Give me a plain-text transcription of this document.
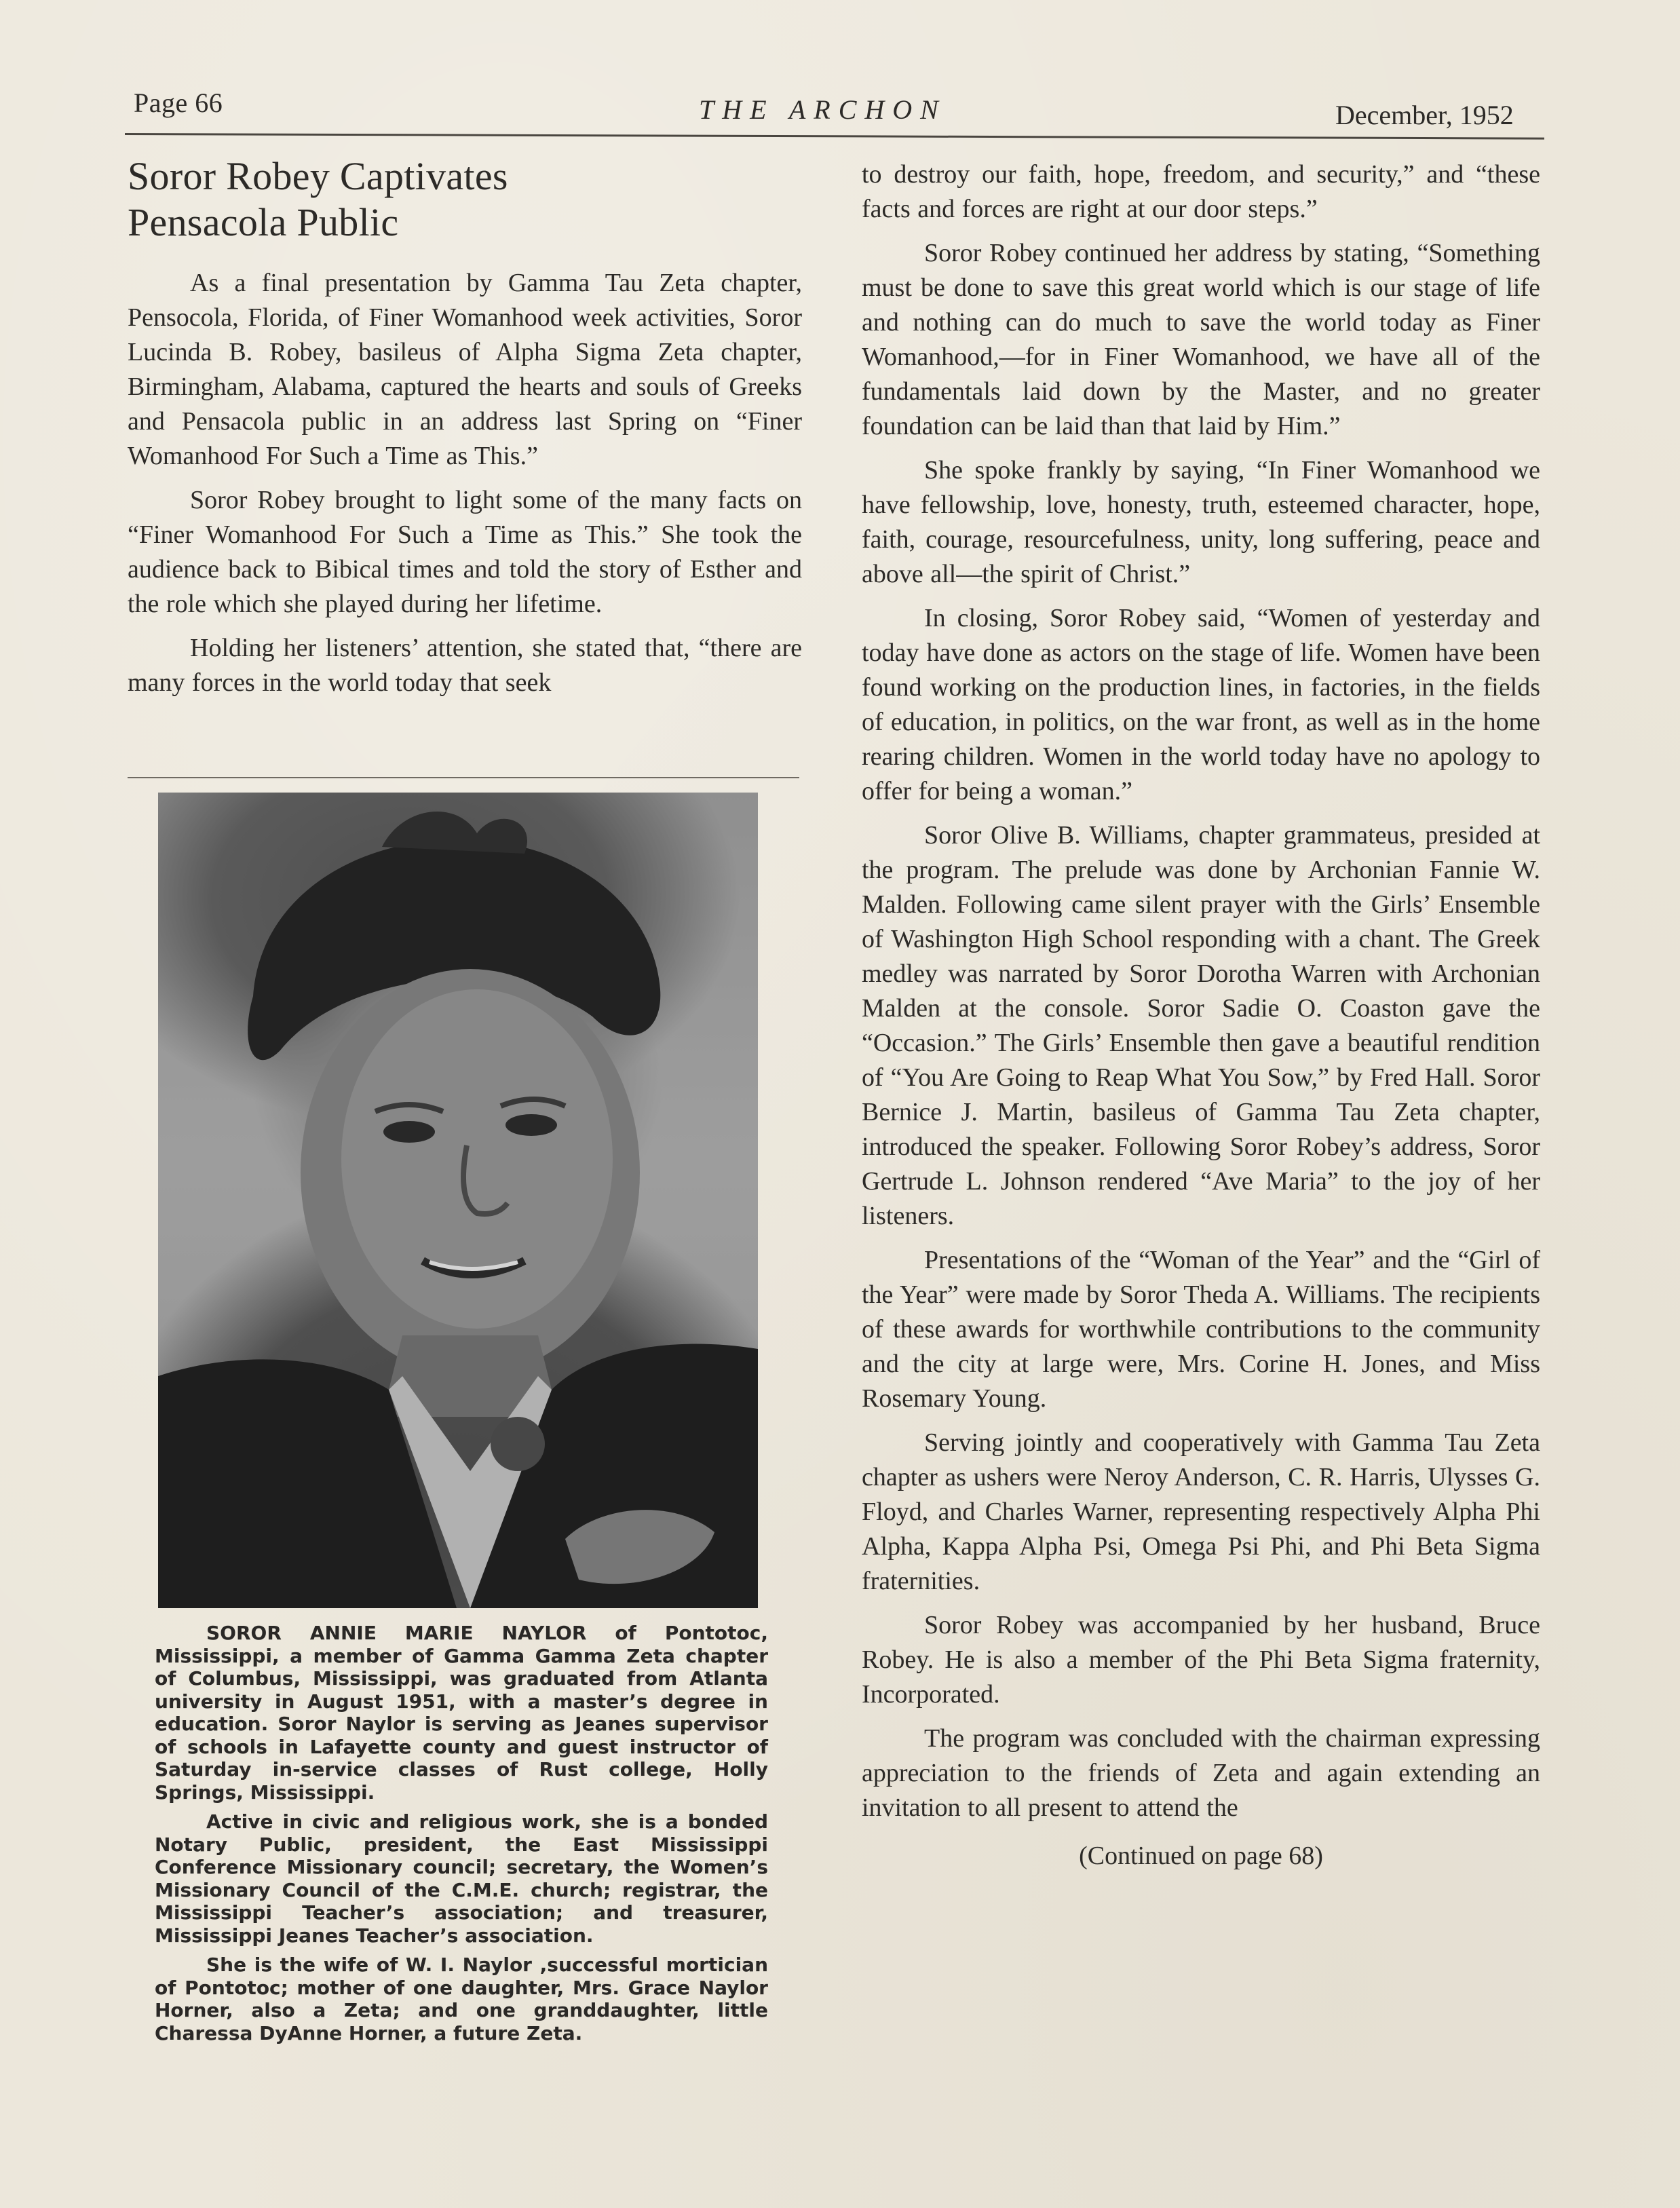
Page 66	THE ARCHON	December, 1952
Soror Robey Captivates
Pensacola Public

As a final presentation by Gamma Tau Zeta chapter, Pensocola, Florida, of Finer Womanhood week activities, Soror Lucinda B. Robey, basileus of Alpha Sigma Zeta chapter, Birmingham, Alabama, captured the hearts and souls of Greeks and Pensacola public in an address last Spring on “Finer Womanhood For Such a Time as This.”

Soror Robey brought to light some of the many facts on “Finer Womanhood For Such a Time as This.” She took the audience back to Bibical times and told the story of Esther and the role which she played during her lifetime.

Holding her listeners’ attention, she stated that, “there are many forces in the world today that seek

SOROR ANNIE MARIE NAYLOR of Pontotoc, Mississippi, a member of Gamma Gamma Zeta chapter of Columbus, Mississippi, was graduated from Atlanta university in August 1951, with a master’s degree in education. Soror Naylor is serving as Jeanes supervisor of schools in Lafayette county and guest instructor of Saturday in-service classes of Rust college, Holly Springs, Mississippi.

Active in civic and religious work, she is a bonded Notary Public, president, the East Mississippi Conference Missionary council; secretary, the Women’s Missionary Council of the C.M.E. church; registrar, the Mississippi Teacher’s association; and treasurer, Mississippi Jeanes Teacher’s association.

She is the wife of W. I. Naylor ,successful mortician of Pontotoc; mother of one daughter, Mrs. Grace Naylor Horner, also a Zeta; and one granddaughter, little Charessa DyAnne Horner, a future Zeta.

to destroy our faith, hope, freedom, and security,” and “these facts and forces are right at our door steps.”

Soror Robey continued her address by stating, “Something must be done to save this great world which is our stage of life and nothing can do much to save the world today as Finer Womanhood,—for in Finer Womanhood, we have all of the fundamentals laid down by the Master, and no greater foundation can be laid than that laid by Him.”

She spoke frankly by saying, “In Finer Womanhood we have fellowship, love, honesty, truth, esteemed character, hope, faith, courage, resourcefulness, unity, long suffering, peace and above all—the spirit of Christ.”

In closing, Soror Robey said, “Women of yesterday and today have done as actors on the stage of life. Women have been found working on the production lines, in factories, in the fields of education, in politics, on the war front, as well as in the home rearing children. Women in the world today have no apology to offer for being a woman.”

Soror Olive B. Williams, chapter grammateus, presided at the program. The prelude was done by Archonian Fannie W. Malden. Following came silent prayer with the Girls’ Ensemble of Washington High School responding with a chant. The Greek medley was narrated by Soror Dorotha Warren with Archonian Malden at the console. Soror Sadie O. Coaston gave the “Occasion.” The Girls’ Ensemble then gave a beautiful rendition of “You Are Going to Reap What You Sow,” by Fred Hall. Soror Bernice J. Martin, basileus of Gamma Tau Zeta chapter, introduced the speaker. Following Soror Robey’s address, Soror Gertrude L. Johnson rendered “Ave Maria” to the joy of her listeners.

Presentations of the “Woman of the Year” and the “Girl of the Year” were made by Soror Theda A. Williams. The recipients of these awards for worthwhile contributions to the community and the city at large were, Mrs. Corine H. Jones, and Miss Rosemary Young.

Serving jointly and cooperatively with Gamma Tau Zeta chapter as ushers were Neroy Anderson, C. R. Harris, Ulysses G. Floyd, and Charles Warner, representing respectively Alpha Phi Alpha, Kappa Alpha Psi, Omega Psi Phi, and Phi Beta Sigma fraternities.

Soror Robey was accompanied by her husband, Bruce Robey. He is also a member of the Phi Beta Sigma fraternity, Incorporated.

The program was concluded with the chairman expressing appreciation to the friends of Zeta and again extending an invitation to all present to attend the

(Continued on page 68)
